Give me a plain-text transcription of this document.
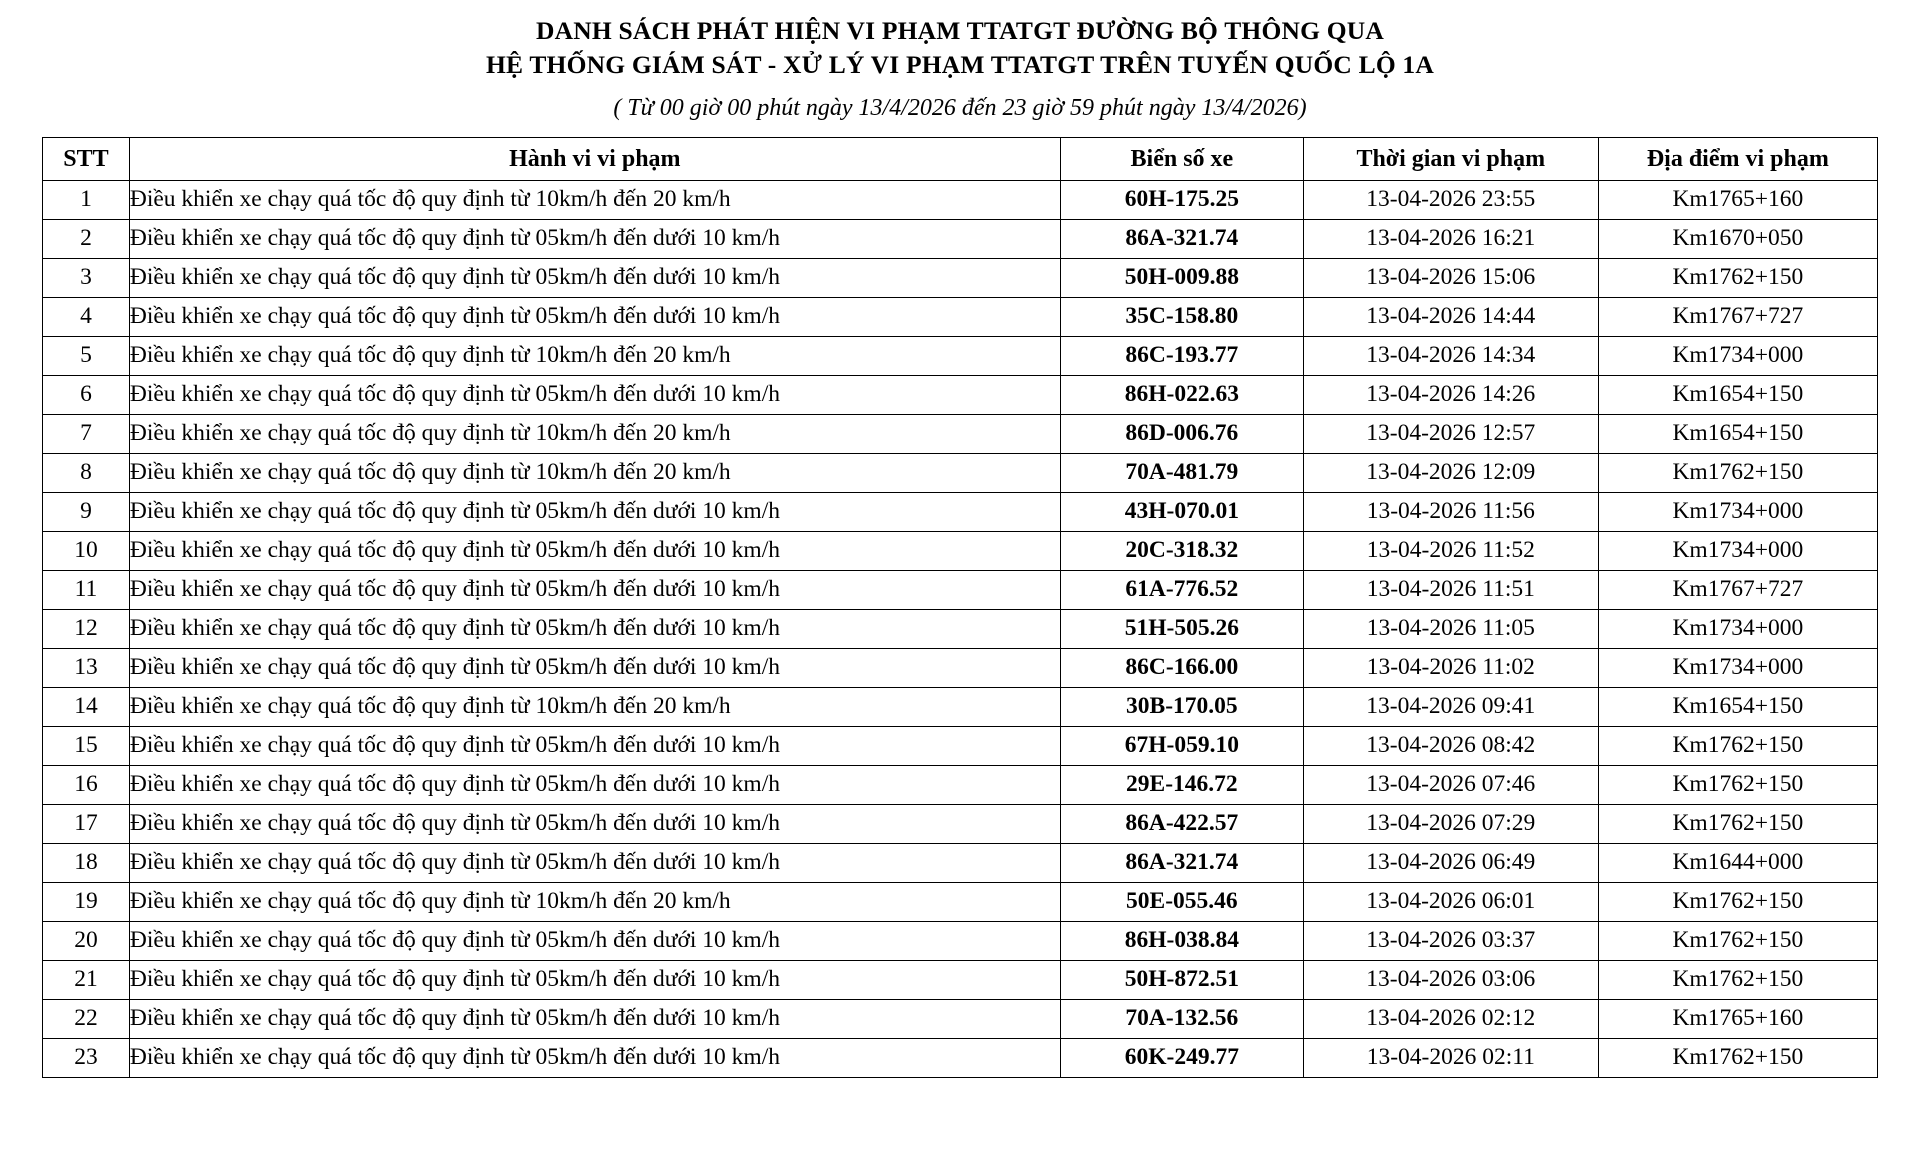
DANH SÁCH PHÁT HIỆN VI PHẠM TTATGT ĐƯỜNG BỘ THÔNG QUA
HỆ THỐNG GIÁM SÁT - XỬ LÝ VI PHẠM TTATGT TRÊN TUYẾN QUỐC LỘ 1A
( Từ 00 giờ 00 phút ngày 13/4/2026 đến 23 giờ 59 phút ngày 13/4/2026)
STT	Hành vi vi phạm	Biển số xe	Thời gian vi phạm	Địa điểm vi phạm
1	Điều khiển xe chạy quá tốc độ quy định từ 10km/h đến 20 km/h	60H-175.25	13-04-2026 23:55	Km1765+160
2	Điều khiển xe chạy quá tốc độ quy định từ 05km/h đến dưới 10 km/h	86A-321.74	13-04-2026 16:21	Km1670+050
3	Điều khiển xe chạy quá tốc độ quy định từ 05km/h đến dưới 10 km/h	50H-009.88	13-04-2026 15:06	Km1762+150
4	Điều khiển xe chạy quá tốc độ quy định từ 05km/h đến dưới 10 km/h	35C-158.80	13-04-2026 14:44	Km1767+727
5	Điều khiển xe chạy quá tốc độ quy định từ 10km/h đến 20 km/h	86C-193.77	13-04-2026 14:34	Km1734+000
6	Điều khiển xe chạy quá tốc độ quy định từ 05km/h đến dưới 10 km/h	86H-022.63	13-04-2026 14:26	Km1654+150
7	Điều khiển xe chạy quá tốc độ quy định từ 10km/h đến 20 km/h	86D-006.76	13-04-2026 12:57	Km1654+150
8	Điều khiển xe chạy quá tốc độ quy định từ 10km/h đến 20 km/h	70A-481.79	13-04-2026 12:09	Km1762+150
9	Điều khiển xe chạy quá tốc độ quy định từ 05km/h đến dưới 10 km/h	43H-070.01	13-04-2026 11:56	Km1734+000
10	Điều khiển xe chạy quá tốc độ quy định từ 05km/h đến dưới 10 km/h	20C-318.32	13-04-2026 11:52	Km1734+000
11	Điều khiển xe chạy quá tốc độ quy định từ 05km/h đến dưới 10 km/h	61A-776.52	13-04-2026 11:51	Km1767+727
12	Điều khiển xe chạy quá tốc độ quy định từ 05km/h đến dưới 10 km/h	51H-505.26	13-04-2026 11:05	Km1734+000
13	Điều khiển xe chạy quá tốc độ quy định từ 05km/h đến dưới 10 km/h	86C-166.00	13-04-2026 11:02	Km1734+000
14	Điều khiển xe chạy quá tốc độ quy định từ 10km/h đến 20 km/h	30B-170.05	13-04-2026 09:41	Km1654+150
15	Điều khiển xe chạy quá tốc độ quy định từ 05km/h đến dưới 10 km/h	67H-059.10	13-04-2026 08:42	Km1762+150
16	Điều khiển xe chạy quá tốc độ quy định từ 05km/h đến dưới 10 km/h	29E-146.72	13-04-2026 07:46	Km1762+150
17	Điều khiển xe chạy quá tốc độ quy định từ 05km/h đến dưới 10 km/h	86A-422.57	13-04-2026 07:29	Km1762+150
18	Điều khiển xe chạy quá tốc độ quy định từ 05km/h đến dưới 10 km/h	86A-321.74	13-04-2026 06:49	Km1644+000
19	Điều khiển xe chạy quá tốc độ quy định từ 10km/h đến 20 km/h	50E-055.46	13-04-2026 06:01	Km1762+150
20	Điều khiển xe chạy quá tốc độ quy định từ 05km/h đến dưới 10 km/h	86H-038.84	13-04-2026 03:37	Km1762+150
21	Điều khiển xe chạy quá tốc độ quy định từ 05km/h đến dưới 10 km/h	50H-872.51	13-04-2026 03:06	Km1762+150
22	Điều khiển xe chạy quá tốc độ quy định từ 05km/h đến dưới 10 km/h	70A-132.56	13-04-2026 02:12	Km1765+160
23	Điều khiển xe chạy quá tốc độ quy định từ 05km/h đến dưới 10 km/h	60K-249.77	13-04-2026 02:11	Km1762+150
